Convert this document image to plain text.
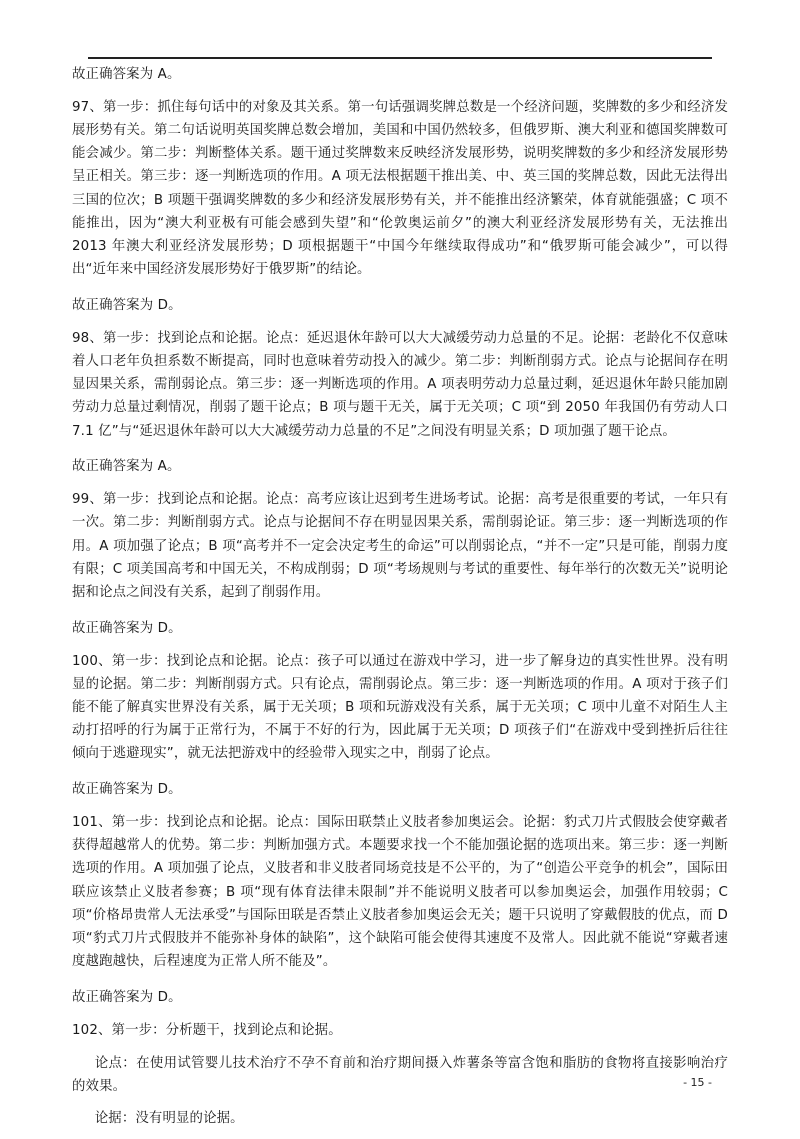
故正确答案为 A。

97、第一步：抓住每句话中的对象及其关系。第一句话强调奖牌总数是一个经济问题，奖牌数的多少和经济发展形势有关。第二句话说明英国奖牌总数会增加，美国和中国仍然较多，但俄罗斯、澳大利亚和德国奖牌数可能会减少。第二步：判断整体关系。题干通过奖牌数来反映经济发展形势，说明奖牌数的多少和经济发展形势呈正相关。第三步：逐一判断选项的作用。A 项无法根据题干推出美、中、英三国的奖牌总数，因此无法得出三国的位次；B 项题干强调奖牌数的多少和经济发展形势有关，并不能推出经济繁荣，体育就能强盛；C 项不能推出，因为“澳大利亚极有可能会感到失望”和“伦敦奥运前夕”的澳大利亚经济发展形势有关，无法推出 2013 年澳大利亚经济发展形势；D 项根据题干“中国今年继续取得成功”和“俄罗斯可能会减少”，可以得出“近年来中国经济发展形势好于俄罗斯”的结论。

故正确答案为 D。

98、第一步：找到论点和论据。论点：延迟退休年龄可以大大减缓劳动力总量的不足。论据：老龄化不仅意味着人口老年负担系数不断提高，同时也意味着劳动投入的减少。第二步：判断削弱方式。论点与论据间存在明显因果关系，需削弱论点。第三步：逐一判断选项的作用。A 项表明劳动力总量过剩，延迟退休年龄只能加剧劳动力总量过剩情况，削弱了题干论点；B 项与题干无关，属于无关项；C 项“到 2050 年我国仍有劳动人口 7.1 亿”与“延迟退休年龄可以大大减缓劳动力总量的不足”之间没有明显关系；D 项加强了题干论点。

故正确答案为 A。

99、第一步：找到论点和论据。论点：高考应该让迟到考生进场考试。论据：高考是很重要的考试，一年只有一次。第二步：判断削弱方式。论点与论据间不存在明显因果关系，需削弱论证。第三步：逐一判断选项的作用。A 项加强了论点；B 项“高考并不一定会决定考生的命运”可以削弱论点，“并不一定”只是可能，削弱力度有限；C 项美国高考和中国无关，不构成削弱；D 项“考场规则与考试的重要性、每年举行的次数无关”说明论据和论点之间没有关系，起到了削弱作用。

故正确答案为 D。

100、第一步：找到论点和论据。论点：孩子可以通过在游戏中学习，进一步了解身边的真实性世界。没有明显的论据。第二步：判断削弱方式。只有论点，需削弱论点。第三步：逐一判断选项的作用。A 项对于孩子们能不能了解真实世界没有关系，属于无关项；B 项和玩游戏没有关系，属于无关项；C 项中儿童不对陌生人主动打招呼的行为属于正常行为，不属于不好的行为，因此属于无关项；D 项孩子们“在游戏中受到挫折后往往倾向于逃避现实”，就无法把游戏中的经验带入现实之中，削弱了论点。

故正确答案为 D。

101、第一步：找到论点和论据。论点：国际田联禁止义肢者参加奥运会。论据：豹式刀片式假肢会使穿戴者获得超越常人的优势。第二步：判断加强方式。本题要求找一个不能加强论据的选项出来。第三步：逐一判断选项的作用。A 项加强了论点，义肢者和非义肢者同场竞技是不公平的，为了“创造公平竞争的机会”，国际田联应该禁止义肢者参赛；B 项“现有体育法律未限制”并不能说明义肢者可以参加奥运会，加强作用较弱；C 项“价格昂贵常人无法承受”与国际田联是否禁止义肢者参加奥运会无关；题干只说明了穿戴假肢的优点，而 D 项“豹式刀片式假肢并不能弥补身体的缺陷”，这个缺陷可能会使得其速度不及常人。因此就不能说“穿戴者速度越跑越快，后程速度为正常人所不能及”。

故正确答案为 D。

102、第一步：分析题干，找到论点和论据。

论点：在使用试管婴儿技术治疗不孕不育前和治疗期间摄入炸薯条等富含饱和脂肪的食物将直接影响治疗的效果。

论据：没有明显的论据。

- 15 -
